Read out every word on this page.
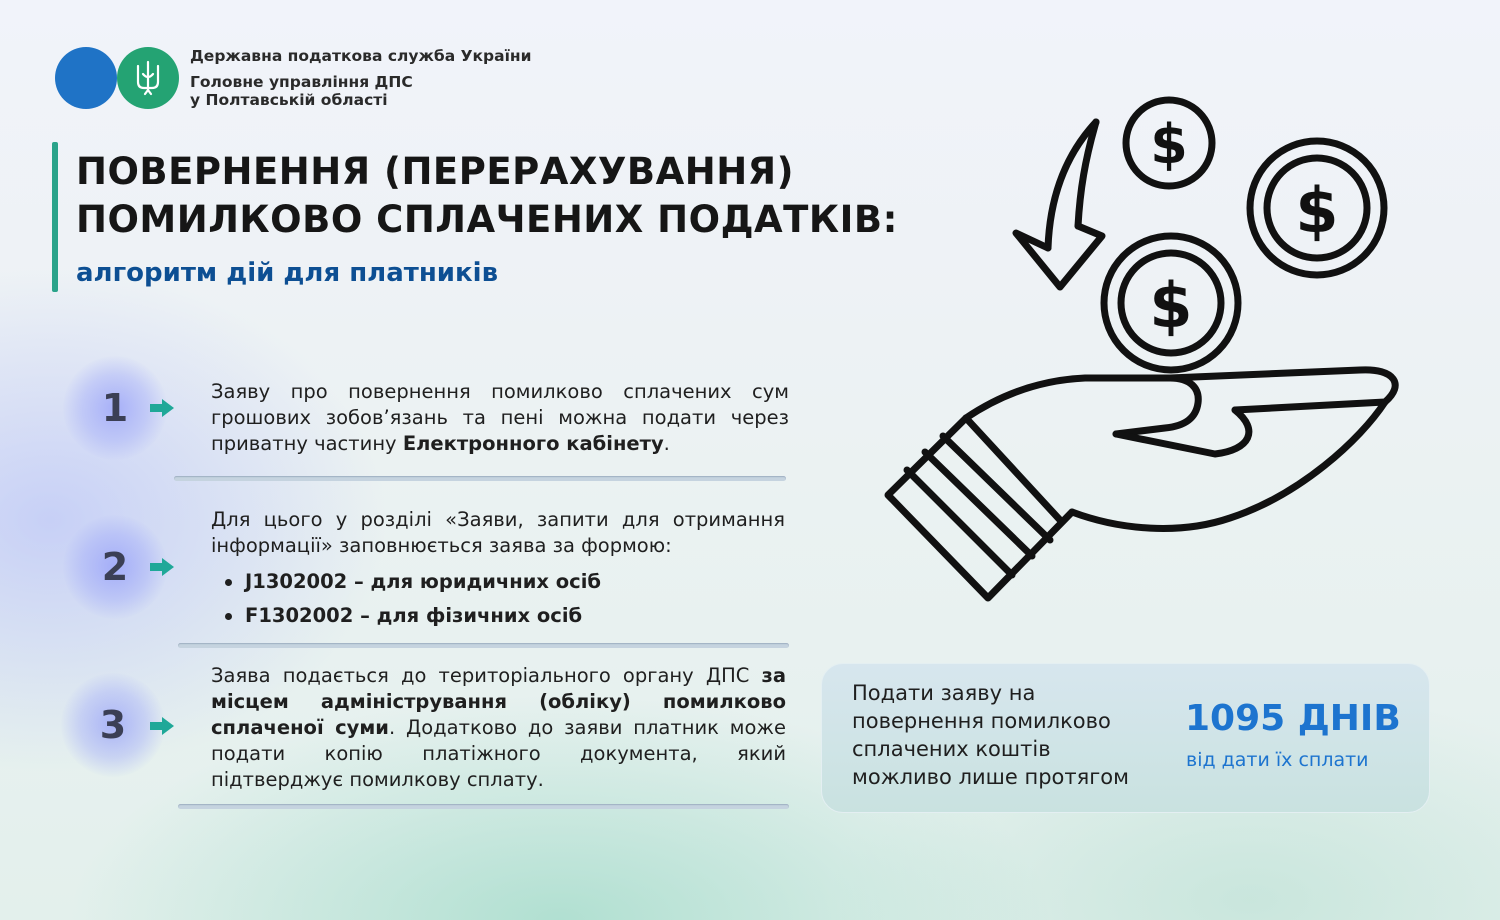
Державна податкова служба України
Головне управління ДПС
у Полтавській області
ПОВЕРНЕННЯ (ПЕРЕРАХУВАННЯ)
ПОМИЛКОВО СПЛАЧЕНИХ ПОДАТКІВ:
алгоритм дій для платників
1	Заяву про повернення помилково сплачених сум грошових зобов’язань та пені можна подати через приватну частину Електронного кабінету.
2
Для цього у розділі «Заяви, запити для отримання інформації» заповнюється заява за формою:
J1302002 – для юридичних осіб
F1302002 – для фізичних осіб
3
Заява подається до територіального органу ДПС за місцем адміністрування (обліку) помилково сплаченої суми. Додатково до заяви платник може подати копію платіжного документа, який підтверджує помилкову сплату.
Подати заяву на
повернення помилково
сплачених коштів
можливо лише протягом
1095 ДНІВ
від дати їх сплати
$
$
$
